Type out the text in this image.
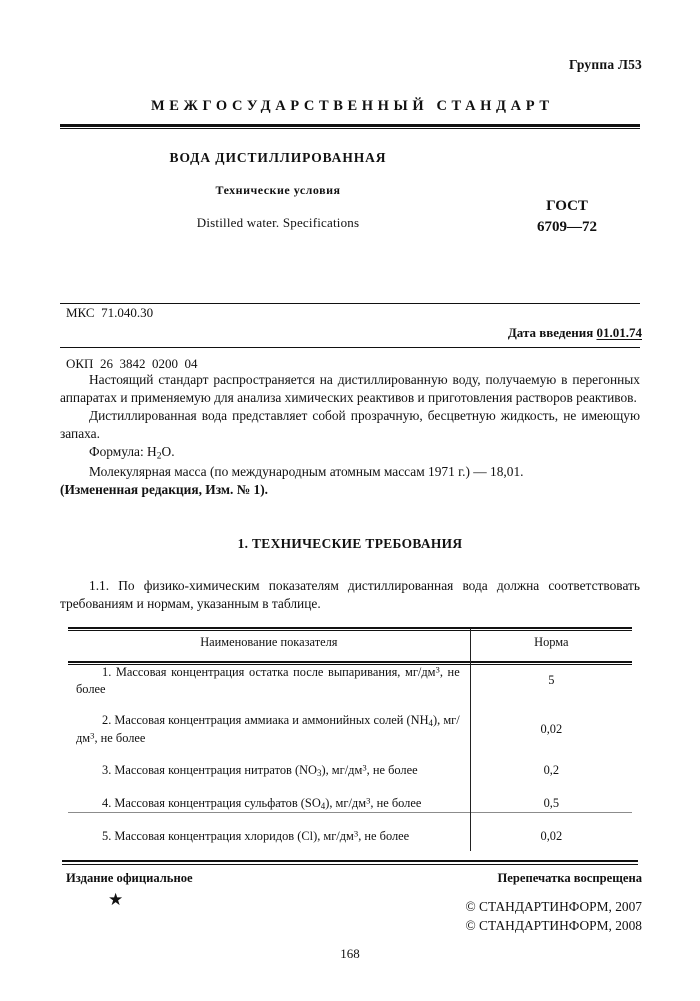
Группа Л53
МЕЖГОСУДАРСТВЕННЫЙ СТАНДАРТ
ВОДА ДИСТИЛЛИРОВАННАЯ
Технические условия
Distilled water. Specifications
ГОСТ
6709—72

МКС  71.040.30

ОКП  26  3842  0200  04

Дата введения 01.01.74

Настоящий стандарт распространяется на дистиллированную воду, получаемую в перегонных аппаратах и применяемую для анализа химических реактивов и приготовления растворов реактивов.

Дистиллированная вода представляет собой прозрачную, бесцветную жидкость, не имеющую запаха.

Формула: $H_2O$.

Молекулярная масса (по международным атомным массам 1971 г.) — 18,01.

(Измененная редакция, Изм. № 1).

1. ТЕХНИЧЕСКИЕ ТРЕБОВАНИЯ

1.1. По физико-химическим показателям дистиллированная вода должна соответствовать требованиям и нормам, указанным в таблице.

Наименование показателя	Норма
1. Массовая концентрация остатка после выпаривания, $мг/дм^3$, не более	5
2. Массовая концентрация аммиака и аммонийных солей $(NH_4)$, $мг/дм^3$, не более	0,02
3. Массовая концентрация нитратов $(NO_3)$, $мг/дм^3$, не более	0,2
4. Массовая концентрация сульфатов $(SO_4)$, $мг/дм^3$, не более	0,5
5. Массовая концентрация хлоридов (Cl), $мг/дм^3$, не более	0,02
Издание официальное
★
Перепечатка воспрещена
© СТАНДАРТИНФОРМ, 2007
© СТАНДАРТИНФОРМ, 2008
168
